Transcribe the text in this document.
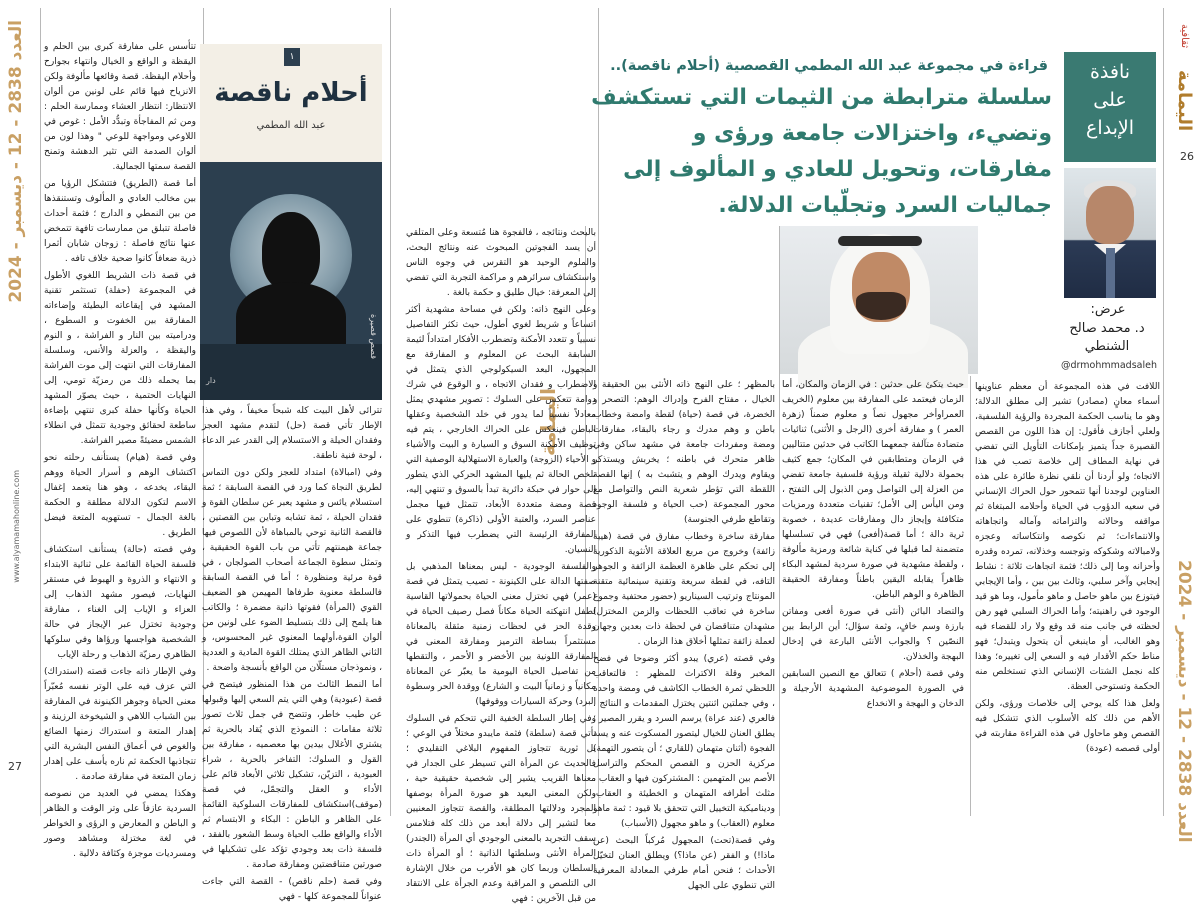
العدد 2838 - 12 - ديسمبر - 2024
www.alyamamahonline.com
27
ثقافية
اليمامة
26
العدد 2838 - 12 - ديسمبر - 2024
نافذة
على
الإبداع
قراءة في مجموعة عبد الله المطمي القصصية (أحلام ناقصة)..
سلسلة مترابطة من الثيمات التي تستكشف وتضيء، واختزالات جامعة ورؤى و مفارقات، وتحويل للعادي و المألوف إلى جماليات السرد وتجلّيات الدلالة.
عرض:
د. محمد صالح الشنطي
@drmohmmadsaleh
اليمامة
١
أحلام ناقصة
عبد الله المطمي
دار
قصص قصيرة

اللافت في هذه المجموعة أن معظم عناوينها أسماء معانٍ (مصادر) تشير إلى مطلق الدلالة؛ وهو ما يناسب الحكمة المجردة والرؤية الفلسفية، ولعلي أجازف فأقول: إن هذا اللون من القصص القصيرة جداً يتميز بإمكانات التأويل التي تفضي في نهاية المطاف إلى خلاصة تصب في هذا الاتجاه؛ ولو أردنا أن نلقي نظرة طائرة على هذه العناوين لوجدنا أنها تتمحور حول الحراك الإنساني في سعيه الدؤوب في الحياة وأحلامه المبتغاة ثم مواقفه وحالاته والتزاماته وآماله واتجاهاته والانتماءات؛ ثم نكوصه وانتكاساته وعجزه ولامبالاته وشكوكه وتوجسه وخذلانه، تمرده وقدره وأحزانه وما إلى ذلك؛ فثمة اتجاهات ثلاثة : نشاط إيجابي وآخر سلبي، وثالث بين بين ، وأما الإيجابي فيتوزع بين ماهو حاصل و ماهو مأمول، وما هو قيد الوجود في راهنيته؛ وأما الحراك السلبي فهو رهن لحظته في جانب منه قد وقع ولا راد للقضاء فيه وهو الغالب، أو ماينبغي أن يتحول ويتبدل؛ فهو مناط حكم الأقدار فيه و السعي إلى تغييره؛ وهذا كله نجمل الشتات الإنساني الذي تستخلص منه الحكمة وتستوحى العظة.

ولعل هذا كله يوحي إلى خلاصات ورؤى، ولكن الأهم من ذلك كله الأسلوب الذي تتشكل فيه القصص وهو ماحاول في هذه القراءة مقاربته في أولى قصصه (عودة)

حيث يتكئ على حدثين : في الزمان والمكان، أما الزمان فيعتمد على المفارقة بين معلوم (الخريف العمراوأخر مجهول نصاً و معلوم ضمناً (زهرة العمر ) و مفارقة أخرى (الرجل و الأثنى) ثنائيات متضادة متآلفة جمعهما الكاتب في حدثين متتاليين في الزمان ومتطابقين في المكان؛ جمع كثيف بحمولة دلالية ثقيلة ورؤية فلسفية جامعة تفضي من العزلة إلى التواصل ومن الذبول إلى التفتح ، ومن اليأس إلى الأمل؛ تقنيات متعددة ورمزيات متكافئة وإيجاز دال ومفارقات عديدة ، خصوبة ثرية دالة ؛ أما قصة(أفعى) فهي في تسلسلها متضمنة لما قبلها في كناية شائعة ورمزية مألوفة ، ولقطة مشهدية في صورة سردية لمشهد البكاء ظاهراً يقابله اليقين باطناً ومفارقة الحقيقة الظاهرة و الوهم الباطن.

والتضاد البائن (أنثى في صورة أفعى ومفاتن بارزة وسم خافٍ، وثمة سؤال؛ أين الرابط بين النصّين ؟ والجواب الأنثى البارعة في إدخال البهجة والخذلان.

وفي قصة (أحلام ) تتعالق مع النصين السابقين في الصورة الموضوعية المشهدية الأرجيلة و الدخان و البهجة و الانخداع

بالمظهر ؛ على النهج ذاته الأنثى بين الحقيقة و الخيال ، مفتاح الفرح وإدراك الوهم: التصحر و الخضرة، في قصة (حياة) لقطة وامضة وخطاب باطن و وهم مدرك و رجاء بالبقاء، مفارقات ومضة ومفردات جامعة في مشهد ساكن وفي ظاهر متحرك في باطنه ؛ يخربش ويستذكر ويقاوم ويدرك الوهم و يتشبث به ) إنها القصة اللقطة التي تؤطر شعرية النص والتواصل مع محور المجموعة (حب الحياة و فلسفة الوجود وتقاطع طرفي الجنوسة)

مفارقة ساخرة وخطاب مفارق في قصة (هيبة زائفة) وخروج من مربع العلاقة الأنثوية الذكورية إلى تحكم على ظاهرة العظمة الزائفة و الجوهر التافه، في لقطة سريعة وتقنية سينمائية متقنة المونتاج وترتيب السيناريو (حضور محتفية وجموع ساخرة في تعاقب اللحظات والزمن المختزل) مشهدان متناقضان في لحظة ذات بعدين وجهان لعملة زائفة تمثلها أخلاق هذا الزمان .

وفي قصته (عري) يبدو أكثر وضوحا في فضح المخبر وقلة الاكتراث للمظهر : فالتعاقب اللحظي ثمرة الخطاب الكاشف في ومضة واحدة ، وفي جملتين اثنتين يختزل المقدمات و النتائج ، فالعري (عند عراة) يرسم السرد و يقرر المصير ؛ يطلق العنان للخيال ليتصور المسكوت عنه و يسد الفجوة (أثنان متهمان (للقاري ؛ أن يتصور التهمة) مركزية الحزن و القصص المحكم والتراسل الأصم بين المتهمين : المشتركون فيها و العقاب ، مثلث أطرافه المتهمان و الخطيئة و العقاب، وديناميكية التخييل التي تتحقق بلا قيود : ثمة ماهو معلوم (العقاب) و ماهو مجهول (الأسباب)

وفي قصة(تحت) المجهول مُركباً البحث (عن ماذا!) و الفقر (عن ماذا؟) ويطلق العنان لتخيّل الأحداث ؛ فنحن أمام طرفي المعادلة المعرفية التي تنطوي على الجهل

بالبحث ونتائجه ، فالفجوة هنا مُتسعة وعلى المتلقي أن يسد الفجوتين المبحوث عنه ونتائج البحث، والملوم الوحيد هو التقرس في وجوه الناس واستكشاف سرائرهم و مراكمة التجربة التي تفضي إلى المعرفة: خيال طليق و حكمة بالغة .

وعلى النهج ذاته: ولكن في مساحة مشهدية أكثر اتساعاً و شريط لغوي أطول، حيث تكثر التفاصيل نسبياً و تتعدد الأمكنة وتضطرب الأفكار امتداداً لثيمة السابقة البحث عن المعلوم و المفارقة مع المجهول، البعد السيكولوجي الذي يتمثل في الاضطراب و فقدان الاتجاه ، و الوقوع في شرك دوامة تتعكس على السلوك : تصوير مشهدي يمثل معادلاً نفسياً لما يدور في خلد الشخصية وعقلها الباطن فينعكس على الحراك الخارجي ، يتم فيه توظيف الأمكنة السوق و السيارة و البيت والأشياء و الأحياء (الزوجة) والعبارة الاستهلالية الوصفية التي تلخص الحالة ثم يليها المشهد الحركي الذي يتطور إلى حوار في حبكة دائرية تبدأ بالسوق و تنتهي إليه، قصة ومضة متعددة الأبعاد، تتمثل فيها مجمل عناصر السرد، والعتبة الأولى (ذاكرة) تنطوي على المفارقة الرئيسة التي يضطرب فيها التذكر و النسيان.

والفلسفة الوجودية - ليس بمعناها المذهبي بل صفتها الدالة على الكينونة - تصيب يتمثل في قصة (عمر) فهي تختزل معنى الحياة بحمولاتها القاسية لطفل انتهكته الحياة مكاناً فصل رصيف الحياة في وقدة الحز في لحظات زمنية مثقلة بالمعاناة مستثمراً بساطة الترميز ومفارقة المعنى في المفارقة اللونية بين الأخضر و الأحمر ، والتقطها من تفاصيل الحياة اليومية ما يعبّر عن المعاناة مكانياً و زمانياً البيت و الشارع) ووقدة الحر وسطوة البرد) وحركة السيارات ووقوفها)

وفي إطار السلطة الخفية التي تتحكم في السلوك تأتي قصة (سلطة) فثمة مايبدو مختلاً في الوعي ؛ بل ثورية تتجاوز المفهوم البلاغي التقليدي ؛ فالحديث عن المرأة التي تسيطر على الجدار في معناها القريب يشير إلى شخصية حقيقية حية ، ولكن المعنى البعيد هو صورة المرأة بوصفها المجرد ودلالتها المطلقة، والقصة تتجاوز المعنيين معا لتشير إلى دلالة أبعد من ذلك كله فتلامس سقف التجريد بالمعنى الوجودي أي المرأة (الجندر) المرأة الأنثى وسلطتها الذاتية ؛ أو المرأة ذات السلطان وربما كان هو الأقرب من خلال الإشارة الى التلصص و المراقبة وعدم الجرأة على الانتقاد من قبل الآخرين : فهي

تترائى لأهل البيت كله شبحاً مخيفاً ، وفي هذا الإطار تأتي قصة (حل) لتقدم مشهد العجز وفقدان الحيلة و الاستسلام إلى القدر عبر الدعاء ، لوحة فنية ناطقة.

وفي (امبالاة) امتداد للعجز ولكن دون التماس لطريق النجاة كما ورد في القصة السابقة ؛ ثمة استسلام يائس و مشهد يعبر عن سلطان القوة و فقدان الحيلة ، ثمة تشابه وتباين بين القصتين ، فالقصة الثانية توحي بالمباهاة لأن اللصوص فيها جماعة هيمنتهم تأتي من باب القوة الحقيقية ، وتمثل سطوة الجماعة أصحاب الصولجان ، في قوة مرئية ومنظورة ؛ أما في القصة السابقة فالسلطة معنوية طرفاها المهيمن هو الضعيف القوي (المرأة) فقوتها ذاتية مضمرة ؛ والكاتب هنا يلمح إلى ذلك بتسليط الضوء على لونين من ألوان القوة،أولهما المعنوي غير المحسوس، و الثاني الظاهر الذي يمتلك القوة المادية و العددية ، ونموذجان مستلّان من الواقع بأنسجة واضحة .

أما النمط الثالث من هذا المنظور فيتضح في قصة (عبودية) وهي التي يتم السعي إليها وقبولها عن طيب خاطر، وتتضح في جمل ثلاث تصور ثلاثة مقامات : النموذج الذي يُقاد بالحرية ثم يشتري الأغلال بيدين بها معصميه ، مفارقة بين القول و السلوك: التفاخر بالحرية ، شراء العبودية ، التزيّن، تشكيل ثلاثي الأبعاد قائم على الأداء و العقل والتجمّل، في قصة (موقف)استكشاف للمفارقات السلوكية القائمة على الظاهر و الباطن : البكاء و الابتسام ثم الأداء والواقع طلب الحياة وسط الشعور بالفقد ، فلسفة ذات بعد وجودي تؤكد على تشكيلها في صورتين متناقضتين ومفارقة صادمة .

وفي قصة (حلم ناقص) - القصة التي جاءت عنواناً للمجموعة كلها - فهي

تتأسس على مفارقة كبرى بين الحلم و اليقظة و الواقع و الخيال وانتهاء بجوارح وأحلام اليقظة. قصة وقائعها مألوفة ولكن الانزياح فيها قائم على لونين من ألوان الانتظار: انتظار العشاء وممارسة الحلم : ومن ثم المفاجأة وتبدُّد الأمل : غوص في اللاوعي ومواجهة للوعي " وهذا لون من ألوان الصدمة التي تثير الدهشة وتمنح القصة سمتها الجمالية.

أما قصة (الطريق) فتتشكل الرؤيا من بين مخالب العادي و المألوف وتستنقذها من بين النمطي و الدارج ؛ فثمة أحداث فاصلة تتبلق من ممارسات تافهة تتمخض عنها نتائج فاصلة : زوجان شابان أثمرا ذرية ضعافاً كانوا ضحية خلاف تافه .

في قصة ذات الشريط اللغوي الأطول في المجموعة (حفلة) تستثمر تقنية المشهد في إيقاعاته البطيئة وإضاءاته المفارقة بين الخفوت و السطوع ، ودراميته بين النار و الفراشة ، و النوم واليقظة ، والعزلة والأنس، وسلسلة المفارقات التي انتهت إلى موت الفراشة بما يحمله ذلك من رمزيّة تومي، إلى النهايات الحتمية ، حيث يصوّر المشهد الحياة وكأنها حفلة كبرى تنتهي بإضاءة ساطعة لحقائق وجودية تتمثل في انطلاء الشمس مضيئةً مصير الفراشة.

وفي قصة (هيام) يستأنف رحلته نحو اكتشاف الوهم و أسرار الحياة ووهم البقاء، يخدعه ، وهو هنا يتعمد إغفال الاسم لتكون الدلالة مطلقة و الحكمة بالغة الجمال - تستهويه المتعة فيضل الطريق .

وفي قصته (حالة) يستأنف استكشاف فلسفة الحياة القائمة على ثنائية الابتداء و الانتهاء و الذروة و الهبوط في مستقر النهايات، فيصور مشهد الذهاب إلى العزاء و الإياب إلى الغناء ، مفارقة وجودية تختزل عبر الإيجاز في حالة الشخصية هواجسها ورؤاها وفي سلوكها الظاهري رمزيّة الذهاب و رحلة الإياب

وفي الإطار ذاته جاءت قصته (استدراك) التي عزف فيه على الوتر نفسه مُعبّراً معنى الحياة وجوهر الكينونة في المفارقة بين الشباب اللاهي و الشيخوخة الرزينة و إهدار المتعة و استدراك زمنها الضائع والغوص في أعماق النفس البشرية التي تتجاذبها الحكمة ثم ناره يأسف على إهدار زمان المتعة في مفارقة صادمة .

وهكذا يمضي في العديد من نصوصه السردية عازفاً على وتر الوقت و الظاهر و الباطن و المعارض و الرؤى و الخواطر في لغة مختزلة ومشاهد وصور ومسرديات موجزة وكثافة دلالية .
